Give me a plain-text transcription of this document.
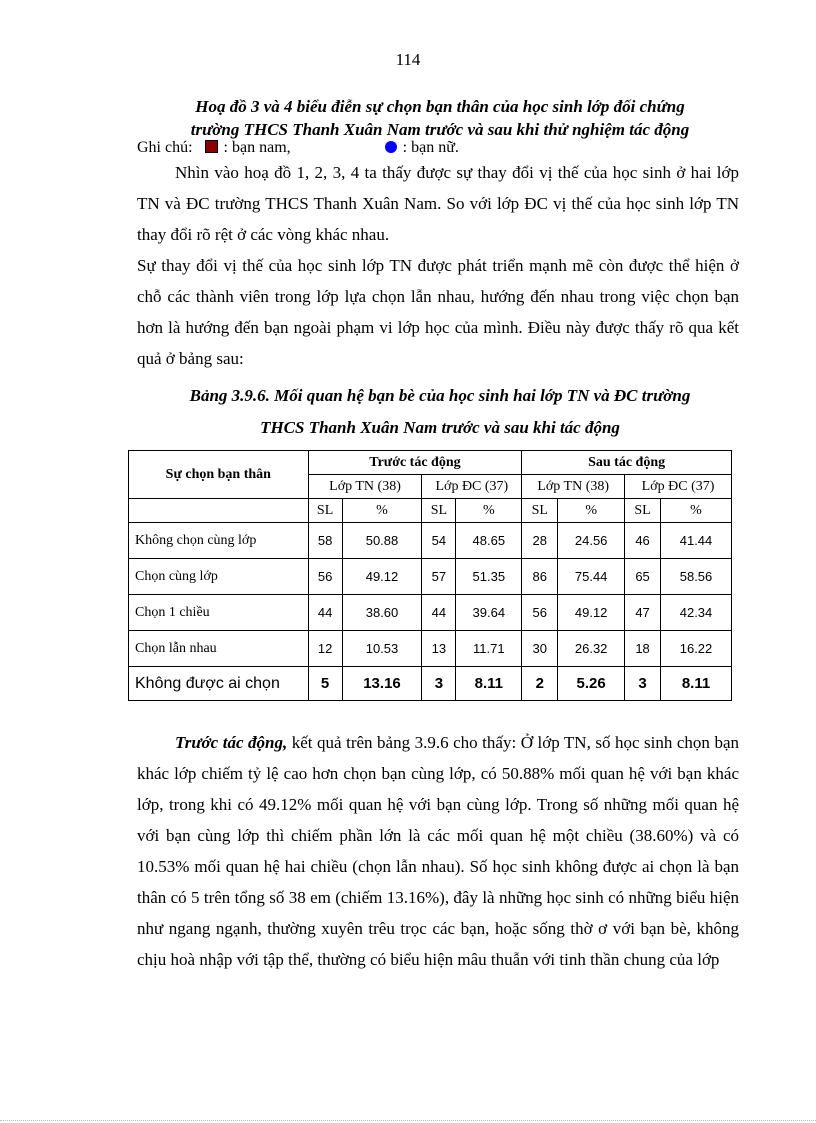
114
Hoạ đồ 3 và 4 biểu điễn sự chọn bạn thân của học sinh lớp đối chứng
trường THCS Thanh Xuân Nam trước và sau khi thử nghiệm tác động
Ghi chú: : bạn nam,	: bạn nữ.

Nhìn vào hoạ đồ 1, 2, 3, 4 ta thấy được sự thay đổi vị thế của học sinh ở hai lớp TN và ĐC trường THCS Thanh Xuân Nam. So với lớp ĐC vị thế của học sinh lớp TN thay đổi rõ rệt ở các vòng khác nhau.

Sự thay đổi vị thế của học sinh lớp TN được phát triển mạnh mẽ còn được thể hiện ở chỗ các thành viên trong lớp lựa chọn lẫn nhau, hướng đến nhau trong việc chọn bạn hơn là hướng đến bạn ngoài phạm vi lớp học của mình. Điều này được thấy rõ qua kết quả ở bảng sau:

Bảng 3.9.6. Mối quan hệ bạn bè của học sinh hai lớp TN và ĐC trường
THCS Thanh Xuân Nam trước và sau khi tác động
Sự chọn bạn thân	Trước tác động				Sau tác động			
	Lớp TN (38)		Lớp ĐC (37)		Lớp TN (38)		Lớp ĐC (37)	
	SL	%	SL	%	SL	%	SL	%
Không chọn cùng lớp	58	50.88	54	48.65	28	24.56	46	41.44
Chọn cùng lớp	56	49.12	57	51.35	86	75.44	65	58.56
Chọn 1 chiều	44	38.60	44	39.64	56	49.12	47	42.34
Chọn lẫn nhau	12	10.53	13	11.71	30	26.32	18	16.22
Không được ai chọn	5	13.16	3	8.11	2	5.26	3	8.11

Trước tác động, kết quả trên bảng 3.9.6 cho thấy: Ở lớp TN, số học sinh chọn bạn khác lớp chiếm tỷ lệ cao hơn chọn bạn cùng lớp, có 50.88% mối quan hệ với bạn khác lớp, trong khi có 49.12% mối quan hệ với bạn cùng lớp. Trong số những mối quan hệ với bạn cùng lớp thì chiếm phần lớn là các mối quan hệ một chiều (38.60%) và có 10.53% mối quan hệ hai chiều (chọn lẫn nhau). Số học sinh không được ai chọn là bạn thân có 5 trên tổng số 38 em (chiếm 13.16%), đây là những học sinh có những biểu hiện như ngang ngạnh, thường xuyên trêu trọc các bạn, hoặc sống thờ ơ với bạn bè, không chịu hoà nhập với tập thể, thường có biểu hiện mâu thuẫn với tinh thần chung của lớp
